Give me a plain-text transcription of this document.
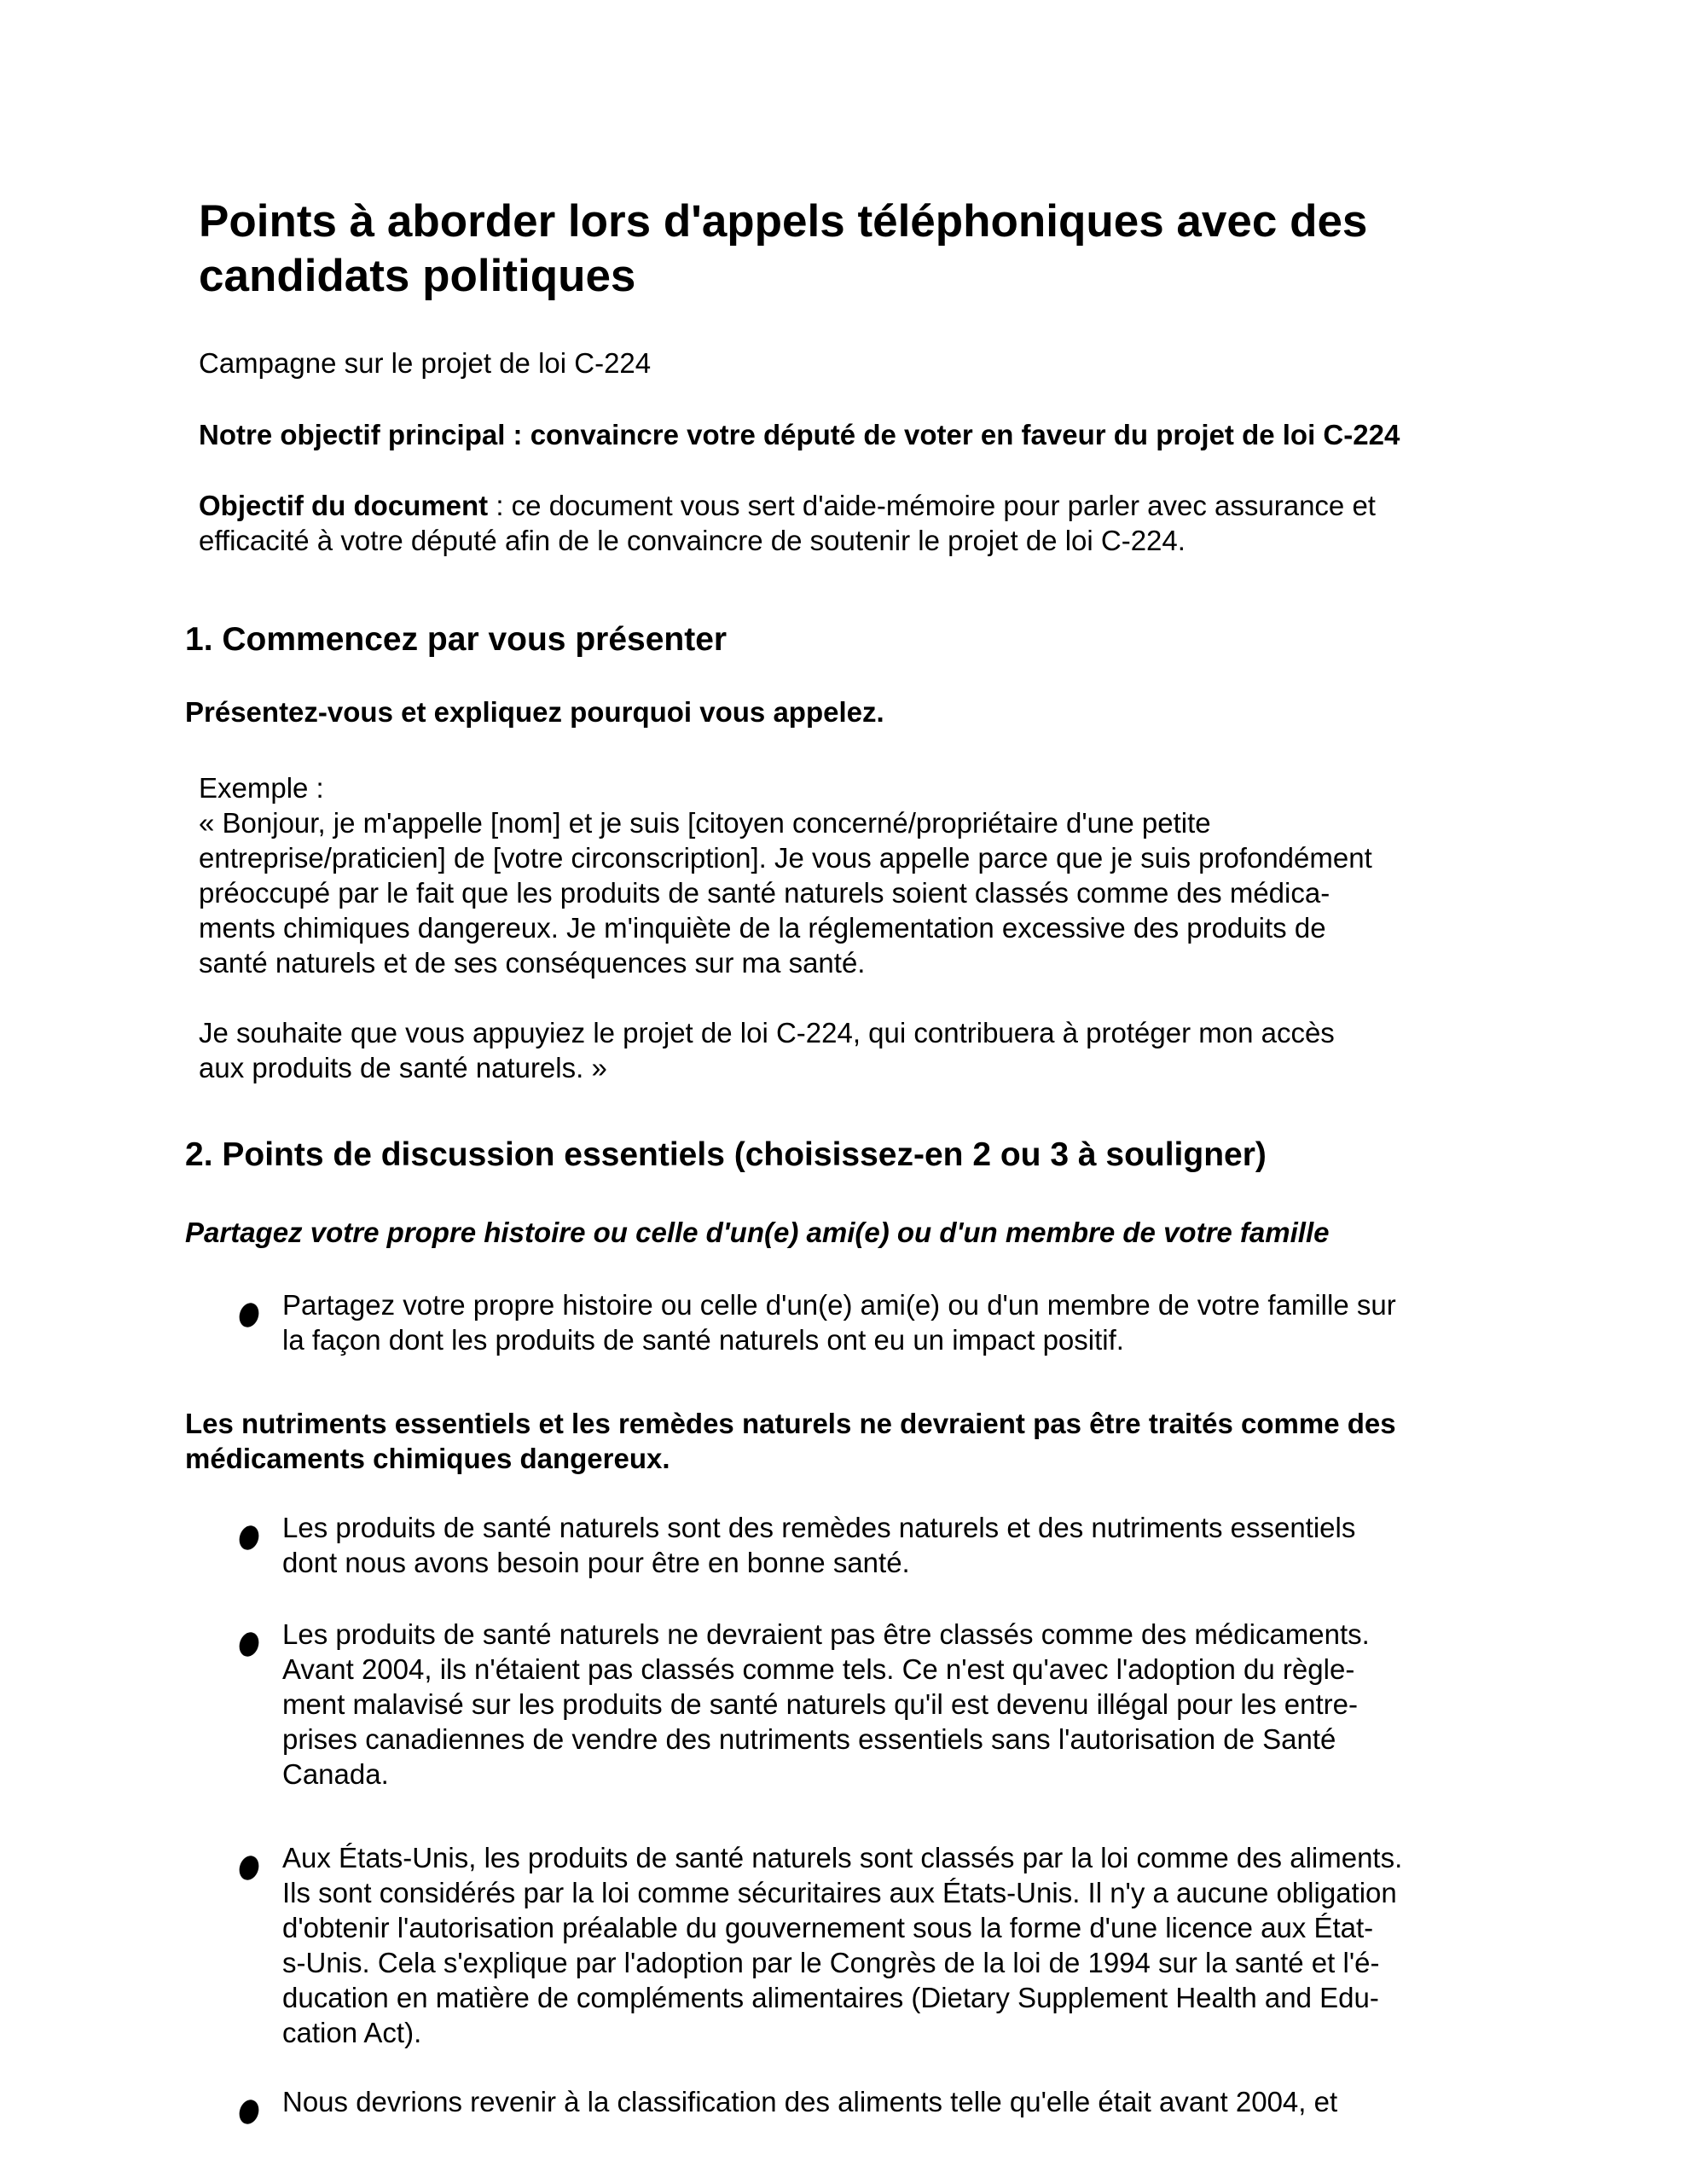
Points à aborder lors d'appels téléphoniques avec des
candidats politiques

Campagne sur le projet de loi C-224

Notre objectif principal : convaincre votre député de voter en faveur du projet de loi C-224

Objectif du document : ce document vous sert d'aide-mémoire pour parler avec assurance et
efficacité à votre député afin de le convaincre de soutenir le projet de loi C-224.

1. Commencez par vous présenter

Présentez-vous et expliquez pourquoi vous appelez.

Exemple :
« Bonjour, je m'appelle [nom] et je suis [citoyen concerné/propriétaire d'une petite
entreprise/praticien] de [votre circonscription]. Je vous appelle parce que je suis profondément
préoccupé par le fait que les produits de santé naturels soient classés comme des médica-
ments chimiques dangereux. Je m'inquiète de la réglementation excessive des produits de
santé naturels et de ses conséquences sur ma santé.
Je souhaite que vous appuyiez le projet de loi C-224, qui contribuera à protéger mon accès
aux produits de santé naturels. »
2. Points de discussion essentiels (choisissez-en 2 ou 3 à souligner)

Partagez votre propre histoire ou celle d'un(e) ami(e) ou d'un membre de votre famille

Partagez votre propre histoire ou celle d'un(e) ami(e) ou d'un membre de votre famille sur
la façon dont les produits de santé naturels ont eu un impact positif.
Les nutriments essentiels et les remèdes naturels ne devraient pas être traités comme des
médicaments chimiques dangereux.
Les produits de santé naturels sont des remèdes naturels et des nutriments essentiels
dont nous avons besoin pour être en bonne santé.
Les produits de santé naturels ne devraient pas être classés comme des médicaments.
Avant 2004, ils n'étaient pas classés comme tels. Ce n'est qu'avec l'adoption du règle-
ment malavisé sur les produits de santé naturels qu'il est devenu illégal pour les entre-
prises canadiennes de vendre des nutriments essentiels sans l'autorisation de Santé
Canada.
Aux États-Unis, les produits de santé naturels sont classés par la loi comme des aliments.
Ils sont considérés par la loi comme sécuritaires aux États-Unis. Il n'y a aucune obligation
d'obtenir l'autorisation préalable du gouvernement sous la forme d'une licence aux État-
s-Unis. Cela s'explique par l'adoption par le Congrès de la loi de 1994 sur la santé et l'é-
ducation en matière de compléments alimentaires (Dietary Supplement Health and Edu-
cation Act).
Nous devrions revenir à la classification des aliments telle qu'elle était avant 2004, et
